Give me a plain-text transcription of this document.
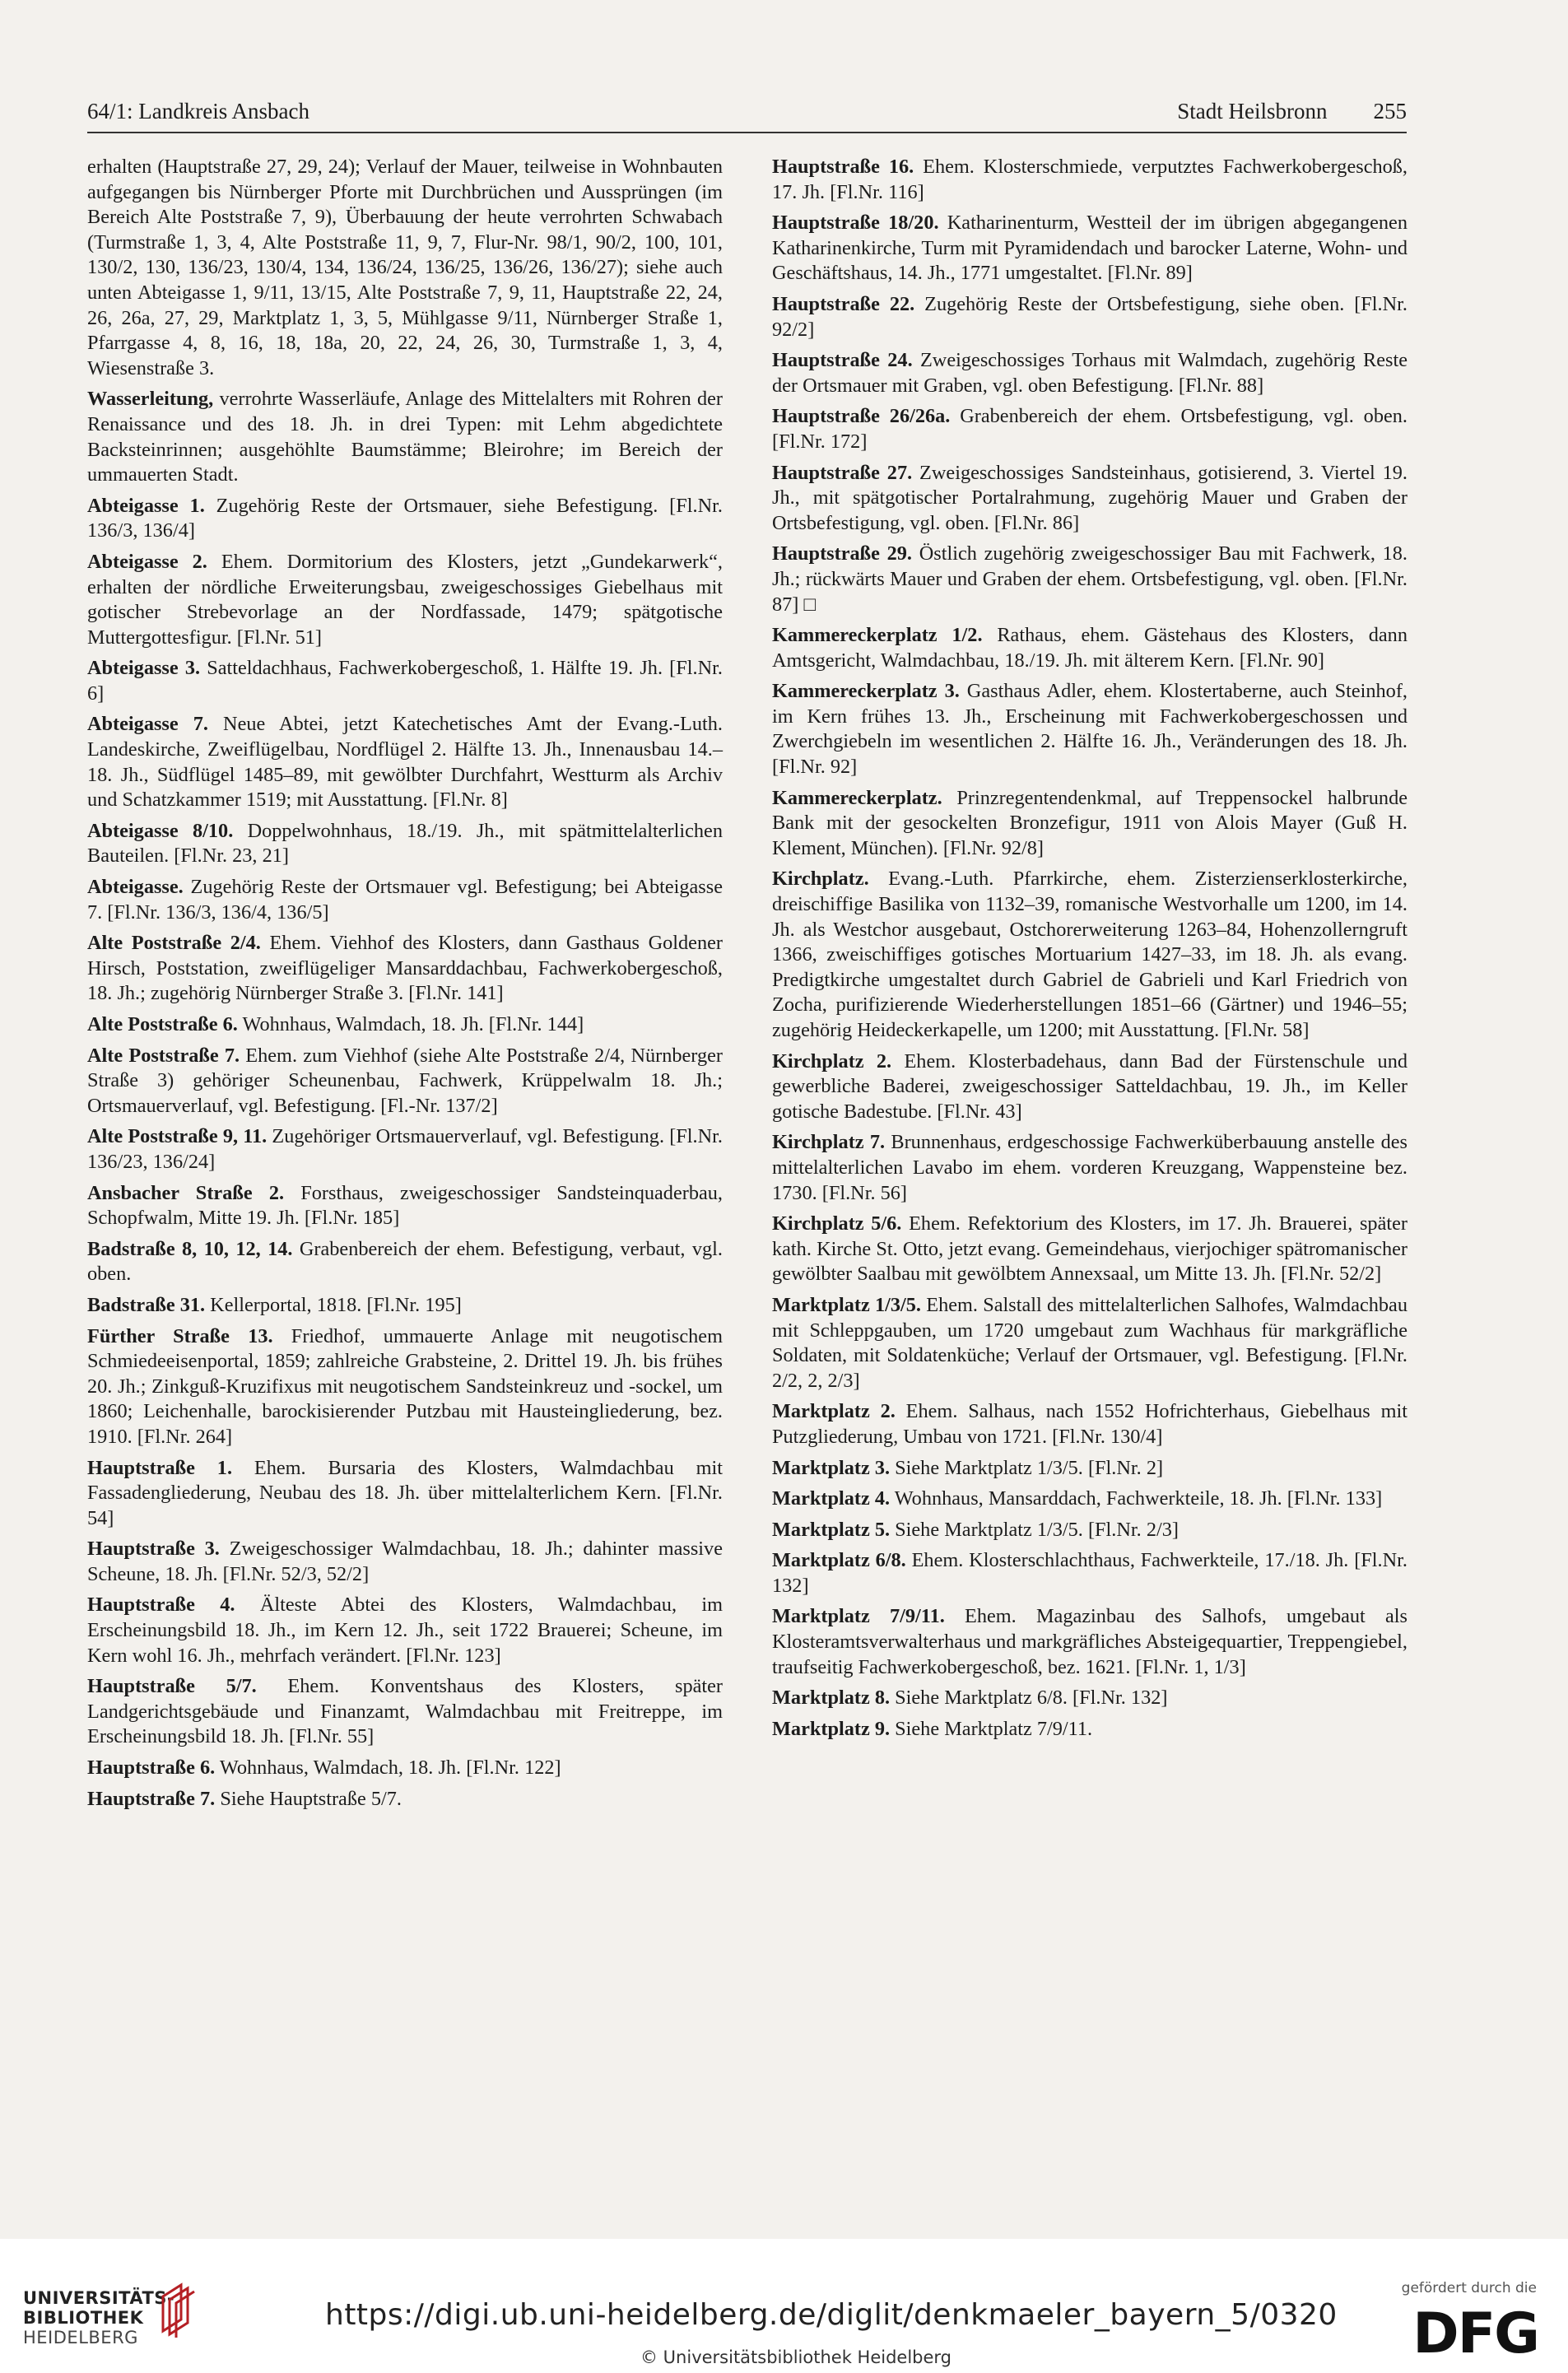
64/1: Landkreis Ansbach	Stadt Heilsbronn 255

erhalten (Hauptstraße 27, 29, 24); Verlauf der Mauer, teilweise in Wohnbauten aufgegangen bis Nürnberger Pforte mit Durchbrüchen und Aussprüngen (im Bereich Alte Poststraße 7, 9), Überbauung der heute verrohrten Schwabach (Turmstraße 1, 3, 4, Alte Poststraße 11, 9, 7, Flur-Nr. 98/1, 90/2, 100, 101, 130/2, 130, 136/23, 130/4, 134, 136/24, 136/25, 136/26, 136/27); siehe auch unten Abteigasse 1, 9/11, 13/15, Alte Poststraße 7, 9, 11, Hauptstraße 22, 24, 26, 26a, 27, 29, Marktplatz 1, 3, 5, Mühlgasse 9/11, Nürnberger Straße 1, Pfarrgasse 4, 8, 16, 18, 18a, 20, 22, 24, 26, 30, Turmstraße 1, 3, 4, Wiesenstraße 3.

Wasserleitung, verrohrte Wasserläufe, Anlage des Mittelalters mit Rohren der Renaissance und des 18. Jh. in drei Typen: mit Lehm abgedichtete Backsteinrinnen; ausgehöhlte Baumstämme; Bleirohre; im Bereich der ummauerten Stadt.

Abteigasse 1. Zugehörig Reste der Ortsmauer, siehe Befestigung. [Fl.Nr. 136/3, 136/4]

Abteigasse 2. Ehem. Dormitorium des Klosters, jetzt „Gundekarwerk“, erhalten der nördliche Erweiterungsbau, zweigeschossiges Giebelhaus mit gotischer Strebevorlage an der Nordfassade, 1479; spätgotische Muttergottesfigur. [Fl.Nr. 51]

Abteigasse 3. Satteldachhaus, Fachwerkobergeschoß, 1. Hälfte 19. Jh. [Fl.Nr. 6]

Abteigasse 7. Neue Abtei, jetzt Katechetisches Amt der Evang.-Luth. Landeskirche, Zweiflügelbau, Nordflügel 2. Hälfte 13. Jh., Innenausbau 14.–18. Jh., Südflügel 1485–89, mit gewölbter Durchfahrt, Westturm als Archiv und Schatzkammer 1519; mit Ausstattung. [Fl.Nr. 8]

Abteigasse 8/10. Doppelwohnhaus, 18./19. Jh., mit spätmittelalterlichen Bauteilen. [Fl.Nr. 23, 21]

Abteigasse. Zugehörig Reste der Ortsmauer vgl. Befestigung; bei Abteigasse 7. [Fl.Nr. 136/3, 136/4, 136/5]

Alte Poststraße 2/4. Ehem. Viehhof des Klosters, dann Gasthaus Goldener Hirsch, Poststation, zweiflügeliger Mansarddachbau, Fachwerkobergeschoß, 18. Jh.; zugehörig Nürnberger Straße 3. [Fl.Nr. 141]

Alte Poststraße 6. Wohnhaus, Walmdach, 18. Jh. [Fl.Nr. 144]

Alte Poststraße 7. Ehem. zum Viehhof (siehe Alte Poststraße 2/4, Nürnberger Straße 3) gehöriger Scheunenbau, Fachwerk, Krüppelwalm 18. Jh.; Ortsmauerverlauf, vgl. Befestigung. [Fl.-Nr. 137/2]

Alte Poststraße 9, 11. Zugehöriger Ortsmauerverlauf, vgl. Befestigung. [Fl.Nr. 136/23, 136/24]

Ansbacher Straße 2. Forsthaus, zweigeschossiger Sandsteinquaderbau, Schopfwalm, Mitte 19. Jh. [Fl.Nr. 185]

Badstraße 8, 10, 12, 14. Grabenbereich der ehem. Befestigung, verbaut, vgl. oben.

Badstraße 31. Kellerportal, 1818. [Fl.Nr. 195]

Fürther Straße 13. Friedhof, ummauerte Anlage mit neugotischem Schmiedeeisenportal, 1859; zahlreiche Grabsteine, 2. Drittel 19. Jh. bis frühes 20. Jh.; Zinkguß-Kruzifixus mit neugotischem Sandsteinkreuz und -sockel, um 1860; Leichenhalle, barockisierender Putzbau mit Hausteingliederung, bez. 1910. [Fl.Nr. 264]

Hauptstraße 1. Ehem. Bursaria des Klosters, Walmdachbau mit Fassadengliederung, Neubau des 18. Jh. über mittelalterlichem Kern. [Fl.Nr. 54]

Hauptstraße 3. Zweigeschossiger Walmdachbau, 18. Jh.; dahinter massive Scheune, 18. Jh. [Fl.Nr. 52/3, 52/2]

Hauptstraße 4. Älteste Abtei des Klosters, Walmdachbau, im Erscheinungsbild 18. Jh., im Kern 12. Jh., seit 1722 Brauerei; Scheune, im Kern wohl 16. Jh., mehrfach verändert. [Fl.Nr. 123]

Hauptstraße 5/7. Ehem. Konventshaus des Klosters, später Landgerichtsgebäude und Finanzamt, Walmdachbau mit Freitreppe, im Erscheinungsbild 18. Jh. [Fl.Nr. 55]

Hauptstraße 6. Wohnhaus, Walmdach, 18. Jh. [Fl.Nr. 122]

Hauptstraße 7. Siehe Hauptstraße 5/7.

Hauptstraße 16. Ehem. Klosterschmiede, verputztes Fachwerkobergeschoß, 17. Jh. [Fl.Nr. 116]

Hauptstraße 18/20. Katharinenturm, Westteil der im übrigen abgegangenen Katharinenkirche, Turm mit Pyramidendach und barocker Laterne, Wohn- und Geschäftshaus, 14. Jh., 1771 umgestaltet. [Fl.Nr. 89]

Hauptstraße 22. Zugehörig Reste der Ortsbefestigung, siehe oben. [Fl.Nr. 92/2]

Hauptstraße 24. Zweigeschossiges Torhaus mit Walmdach, zugehörig Reste der Ortsmauer mit Graben, vgl. oben Befestigung. [Fl.Nr. 88]

Hauptstraße 26/26a. Grabenbereich der ehem. Ortsbefestigung, vgl. oben. [Fl.Nr. 172]

Hauptstraße 27. Zweigeschossiges Sandsteinhaus, gotisierend, 3. Viertel 19. Jh., mit spätgotischer Portalrahmung, zugehörig Mauer und Graben der Ortsbefestigung, vgl. oben. [Fl.Nr. 86]

Hauptstraße 29. Östlich zugehörig zweigeschossiger Bau mit Fachwerk, 18. Jh.; rückwärts Mauer und Graben der ehem. Ortsbefestigung, vgl. oben. [Fl.Nr. 87] □

Kammereckerplatz 1/2. Rathaus, ehem. Gästehaus des Klosters, dann Amtsgericht, Walmdachbau, 18./19. Jh. mit älterem Kern. [Fl.Nr. 90]

Kammereckerplatz 3. Gasthaus Adler, ehem. Klostertaberne, auch Steinhof, im Kern frühes 13. Jh., Erscheinung mit Fachwerkobergeschossen und Zwerchgiebeln im wesentlichen 2. Hälfte 16. Jh., Veränderungen des 18. Jh. [Fl.Nr. 92]

Kammereckerplatz. Prinzregentendenkmal, auf Treppensockel halbrunde Bank mit der gesockelten Bronzefigur, 1911 von Alois Mayer (Guß H. Klement, München). [Fl.Nr. 92/8]

Kirchplatz. Evang.-Luth. Pfarrkirche, ehem. Zisterzienserklosterkirche, dreischiffige Basilika von 1132–39, romanische Westvorhalle um 1200, im 14. Jh. als Westchor ausgebaut, Ostchorerweiterung 1263–84, Hohenzollerngruft 1366, zweischiffiges gotisches Mortuarium 1427–33, im 18. Jh. als evang. Predigtkirche umgestaltet durch Gabriel de Gabrieli und Karl Friedrich von Zocha, purifizierende Wiederherstellungen 1851–66 (Gärtner) und 1946–55; zugehörig Heideckerkapelle, um 1200; mit Ausstattung. [Fl.Nr. 58]

Kirchplatz 2. Ehem. Klosterbadehaus, dann Bad der Fürstenschule und gewerbliche Baderei, zweigeschossiger Satteldachbau, 19. Jh., im Keller gotische Badestube. [Fl.Nr. 43]

Kirchplatz 7. Brunnenhaus, erdgeschossige Fachwerküberbauung anstelle des mittelalterlichen Lavabo im ehem. vorderen Kreuzgang, Wappensteine bez. 1730. [Fl.Nr. 56]

Kirchplatz 5/6. Ehem. Refektorium des Klosters, im 17. Jh. Brauerei, später kath. Kirche St. Otto, jetzt evang. Gemeindehaus, vierjochiger spätromanischer gewölbter Saalbau mit gewölbtem Annexsaal, um Mitte 13. Jh. [Fl.Nr. 52/2]

Marktplatz 1/3/5. Ehem. Salstall des mittelalterlichen Salhofes, Walmdachbau mit Schleppgauben, um 1720 umgebaut zum Wachhaus für markgräfliche Soldaten, mit Soldatenküche; Verlauf der Ortsmauer, vgl. Befestigung. [Fl.Nr. 2/2, 2, 2/3]

Marktplatz 2. Ehem. Salhaus, nach 1552 Hofrichterhaus, Giebelhaus mit Putzgliederung, Umbau von 1721. [Fl.Nr. 130/4]

Marktplatz 3. Siehe Marktplatz 1/3/5. [Fl.Nr. 2]

Marktplatz 4. Wohnhaus, Mansarddach, Fachwerkteile, 18. Jh. [Fl.Nr. 133]

Marktplatz 5. Siehe Marktplatz 1/3/5. [Fl.Nr. 2/3]

Marktplatz 6/8. Ehem. Klosterschlachthaus, Fachwerkteile, 17./18. Jh. [Fl.Nr. 132]

Marktplatz 7/9/11. Ehem. Magazinbau des Salhofs, umgebaut als Klosteramtsverwalterhaus und markgräfliches Absteigequartier, Treppengiebel, traufseitig Fachwerkobergeschoß, bez. 1621. [Fl.Nr. 1, 1/3]

Marktplatz 8. Siehe Marktplatz 6/8. [Fl.Nr. 132]

Marktplatz 9. Siehe Marktplatz 7/9/11.

UNIVERSITÄTS-
BIBLIOTHEK
HEIDELBERG
https://digi.ub.uni-heidelberg.de/diglit/denkmaeler_bayern_5/0320
© Universitätsbibliothek Heidelberg
gefördert durch die
DFG
